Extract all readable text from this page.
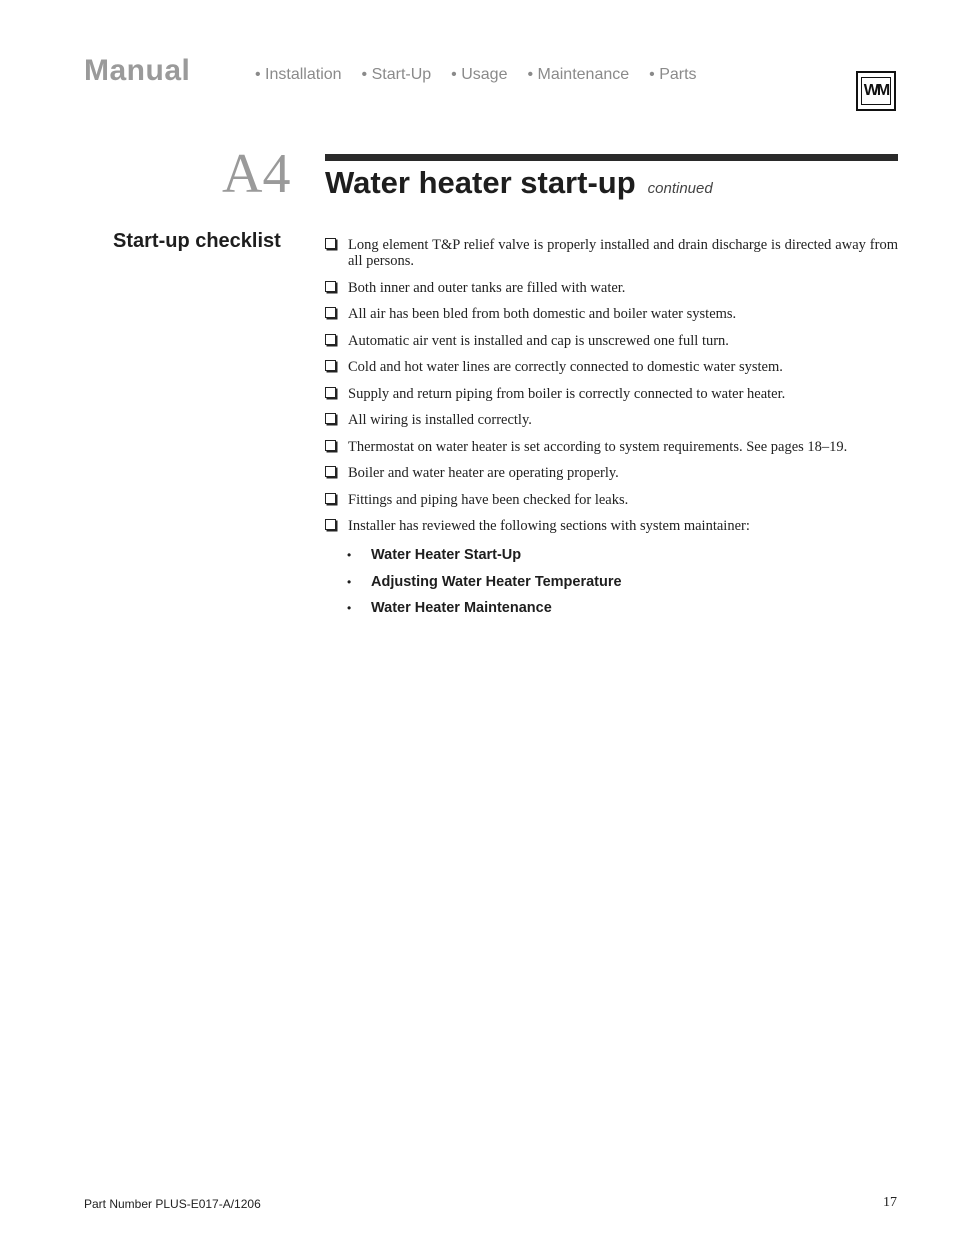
Manual	• Installation	• Start-Up	• Usage	• Maintenance	• Parts
WM
A4 Water heater start-up continued
Start-up checklist	Long element T&P relief valve is properly installed and drain discharge is directed away from all persons.
Both inner and outer tanks are filled with water.
All air has been bled from both domestic and boiler water systems.
Automatic air vent is installed and cap is unscrewed one full turn.
Cold and hot water lines are correctly connected to domestic water system.
Supply and return piping from boiler is correctly connected to water heater.
All wiring is installed correctly.
Thermostat on water heater is set according to system requirements. See pages 18–19.
Boiler and water heater are operating properly.
Fittings and piping have been checked for leaks.
Installer has reviewed the following sections with system maintainer:
• Water Heater Start-Up
• Adjusting Water Heater Temperature
• Water Heater Maintenance
Part Number PLUS-E017-A/1206	17
